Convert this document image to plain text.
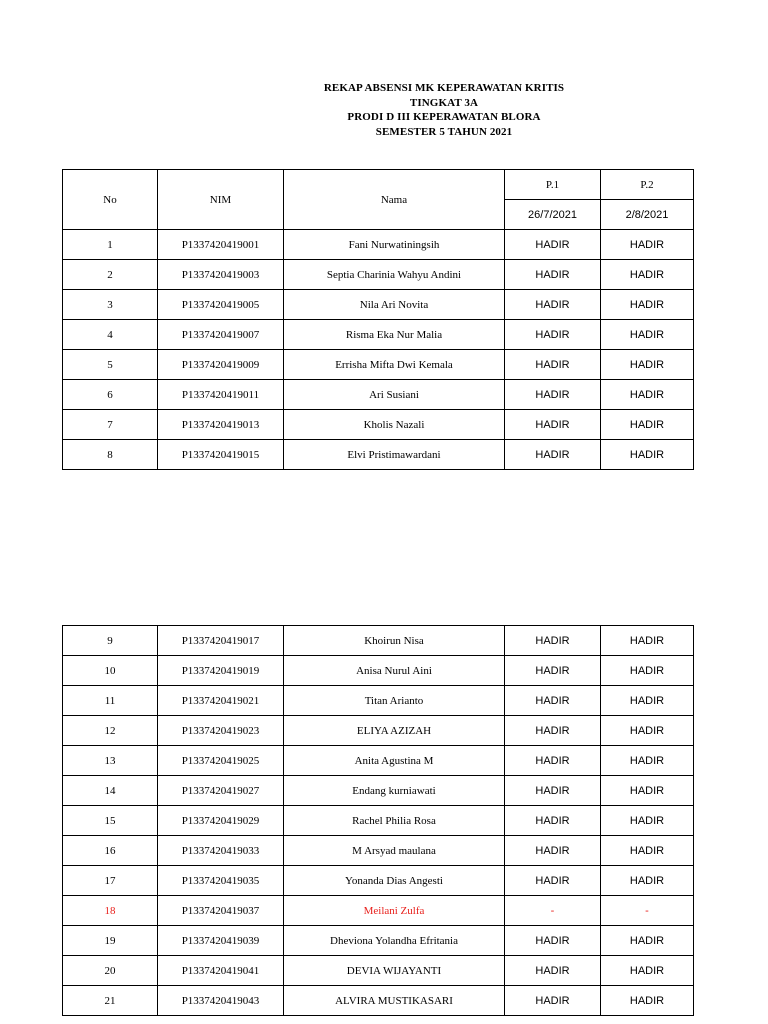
REKAP ABSENSI MK KEPERAWATAN KRITIS
TINGKAT 3A
PRODI D III KEPERAWATAN BLORA
SEMESTER 5 TAHUN 2021
No	NIM	Nama	P.1	P.2
			26/7/2021	2/8/2021
1	P1337420419001	Fani Nurwatiningsih	HADIR	HADIR
2	P1337420419003	Septia Charinia Wahyu Andini	HADIR	HADIR
3	P1337420419005	Nila Ari Novita	HADIR	HADIR
4	P1337420419007	Risma Eka Nur Malia	HADIR	HADIR
5	P1337420419009	Errisha Mifta Dwi Kemala	HADIR	HADIR
6	P1337420419011	Ari Susiani	HADIR	HADIR
7	P1337420419013	Kholis Nazali	HADIR	HADIR
8	P1337420419015	Elvi Pristimawardani	HADIR	HADIR
9	P1337420419017	Khoirun Nisa	HADIR	HADIR
10	P1337420419019	Anisa Nurul Aini	HADIR	HADIR
11	P1337420419021	Titan Arianto	HADIR	HADIR
12	P1337420419023	ELIYA AZIZAH	HADIR	HADIR
13	P1337420419025	Anita Agustina M	HADIR	HADIR
14	P1337420419027	Endang kurniawati	HADIR	HADIR
15	P1337420419029	Rachel Philia Rosa	HADIR	HADIR
16	P1337420419033	M Arsyad maulana	HADIR	HADIR
17	P1337420419035	Yonanda Dias Angesti	HADIR	HADIR
18	P1337420419037	Meilani Zulfa	-	-
19	P1337420419039	Dheviona Yolandha Efritania	HADIR	HADIR
20	P1337420419041	DEVIA WIJAYANTI	HADIR	HADIR
21	P1337420419043	ALVIRA MUSTIKASARI	HADIR	HADIR
